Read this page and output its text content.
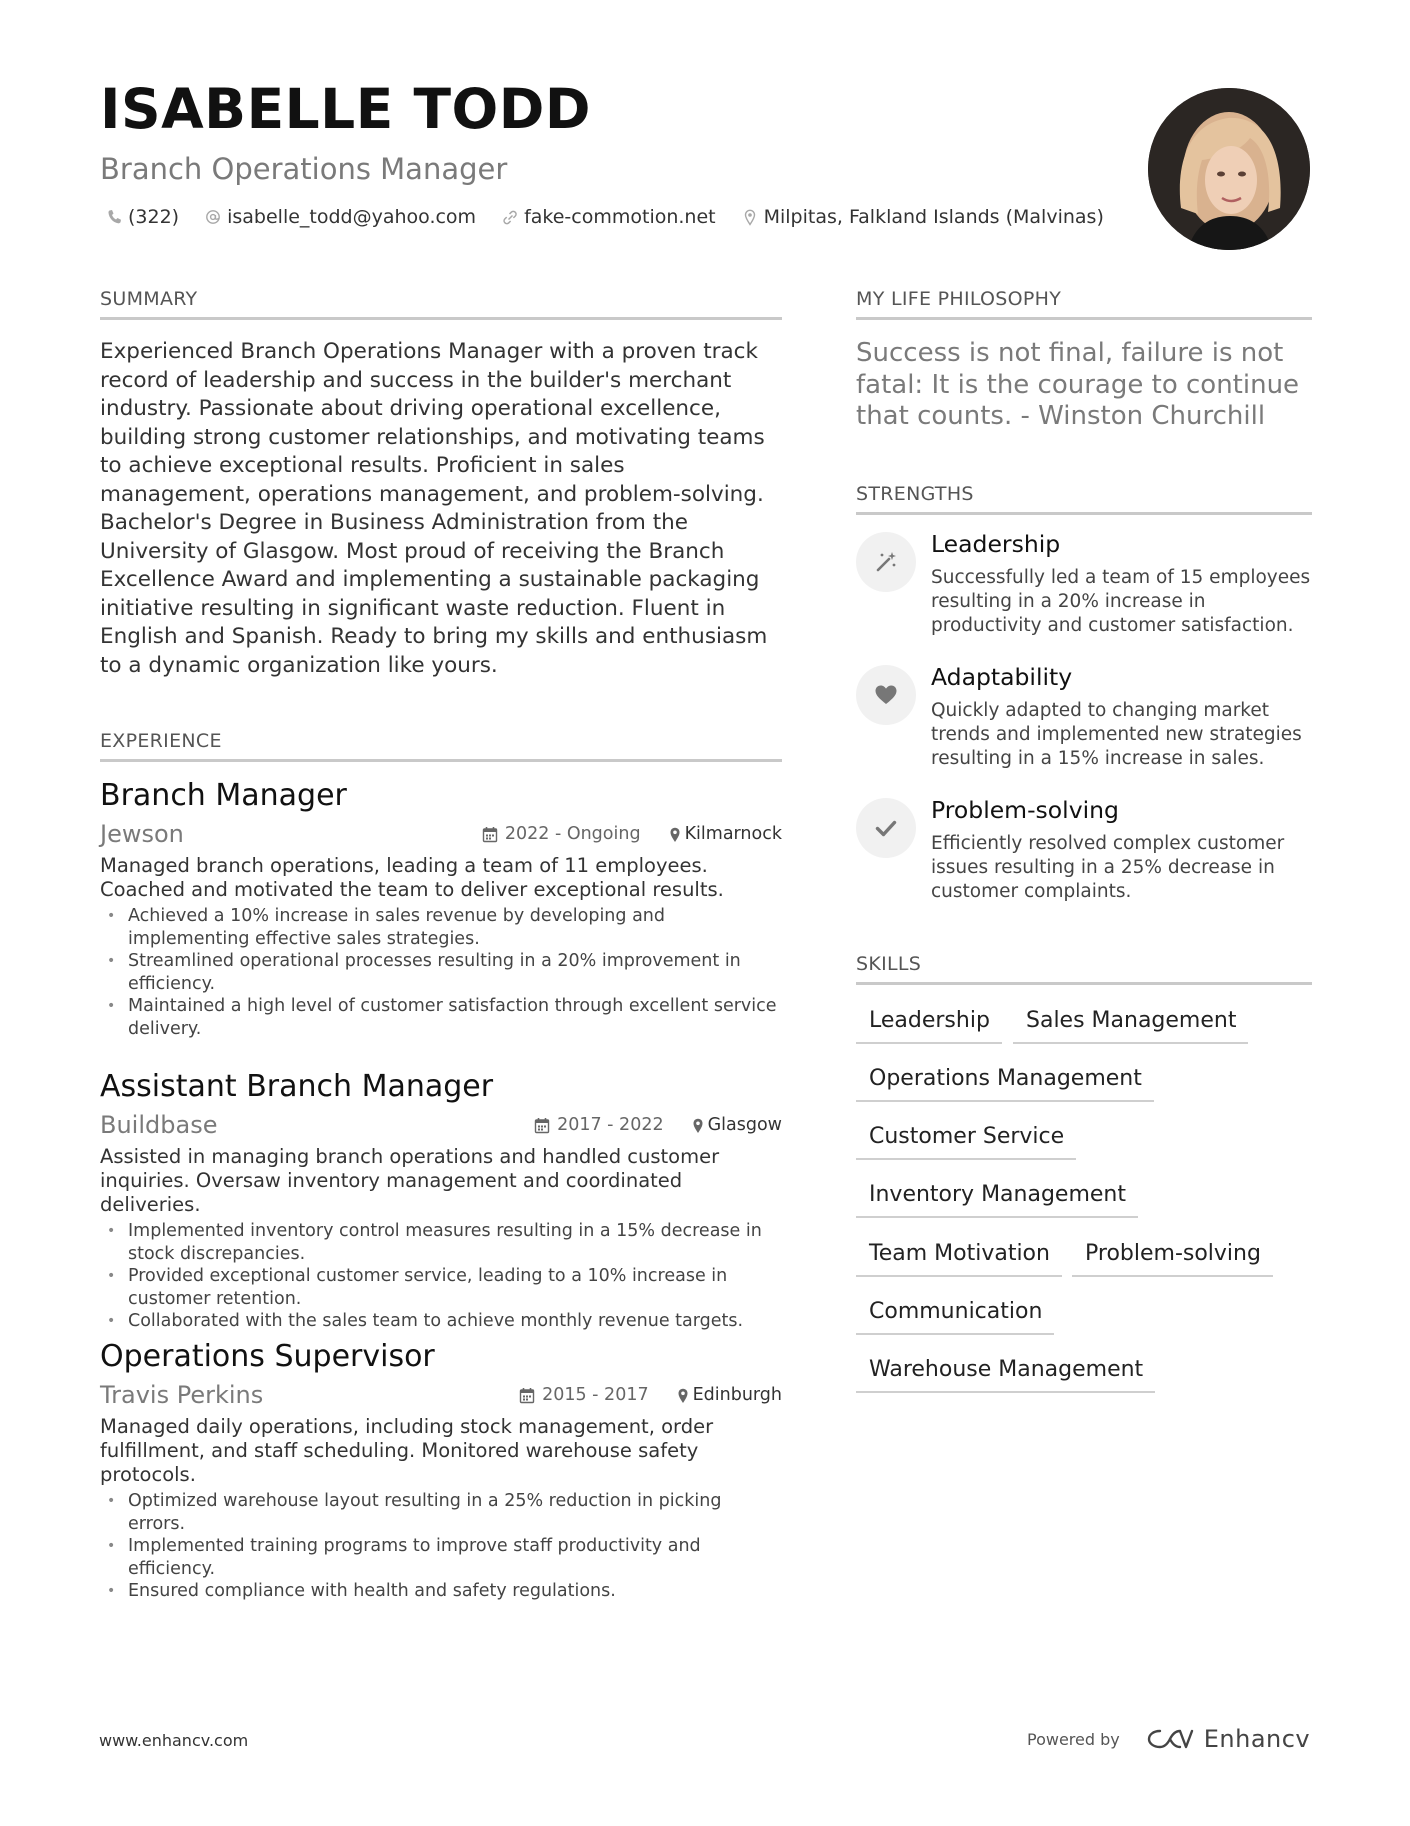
ISABELLE TODD
Branch Operations Manager
(322)	isabelle_todd@yahoo.com	fake-commotion.net	Milpitas, Falkland Islands (Malvinas)
SUMMARY
Experienced Branch Operations Manager with a proven track record of leadership and success in the builder's merchant industry. Passionate about driving operational excellence, building strong customer relationships, and motivating teams to achieve exceptional results. Proficient in sales management, operations management, and problem-solving. Bachelor's Degree in Business Administration from the University of Glasgow. Most proud of receiving the Branch Excellence Award and implementing a sustainable packaging initiative resulting in significant waste reduction. Fluent in English and Spanish. Ready to bring my skills and enthusiasm to a dynamic organization like yours.
EXPERIENCE
Branch Manager
Jewson	2022 - Ongoing	Kilmarnock
Managed branch operations, leading a team of 11 employees. Coached and motivated the team to deliver exceptional results.
• Achieved a 10% increase in sales revenue by developing and implementing effective sales strategies.
• Streamlined operational processes resulting in a 20% improvement in efficiency.
• Maintained a high level of customer satisfaction through excellent service delivery.
Assistant Branch Manager
Buildbase	2017 - 2022	Glasgow
Assisted in managing branch operations and handled customer inquiries. Oversaw inventory management and coordinated deliveries.
• Implemented inventory control measures resulting in a 15% decrease in stock discrepancies.
• Provided exceptional customer service, leading to a 10% increase in customer retention.
• Collaborated with the sales team to achieve monthly revenue targets.
Operations Supervisor
Travis Perkins	2015 - 2017	Edinburgh
Managed daily operations, including stock management, order fulfillment, and staff scheduling. Monitored warehouse safety protocols.
• Optimized warehouse layout resulting in a 25% reduction in picking errors.
• Implemented training programs to improve staff productivity and efficiency.
• Ensured compliance with health and safety regulations.
MY LIFE PHILOSOPHY
Success is not final, failure is not fatal: It is the courage to continue that counts. - Winston Churchill
STRENGTHS
Leadership
Successfully led a team of 15 employees resulting in a 20% increase in productivity and customer satisfaction.
Adaptability
Quickly adapted to changing market trends and implemented new strategies resulting in a 15% increase in sales.
Problem-solving
Efficiently resolved complex customer issues resulting in a 25% decrease in customer complaints.
SKILLS
Leadership	Sales Management
Operations Management
Customer Service
Inventory Management
Team Motivation	Problem-solving
Communication
Warehouse Management
www.enhancv.com	Powered by	Enhancv
